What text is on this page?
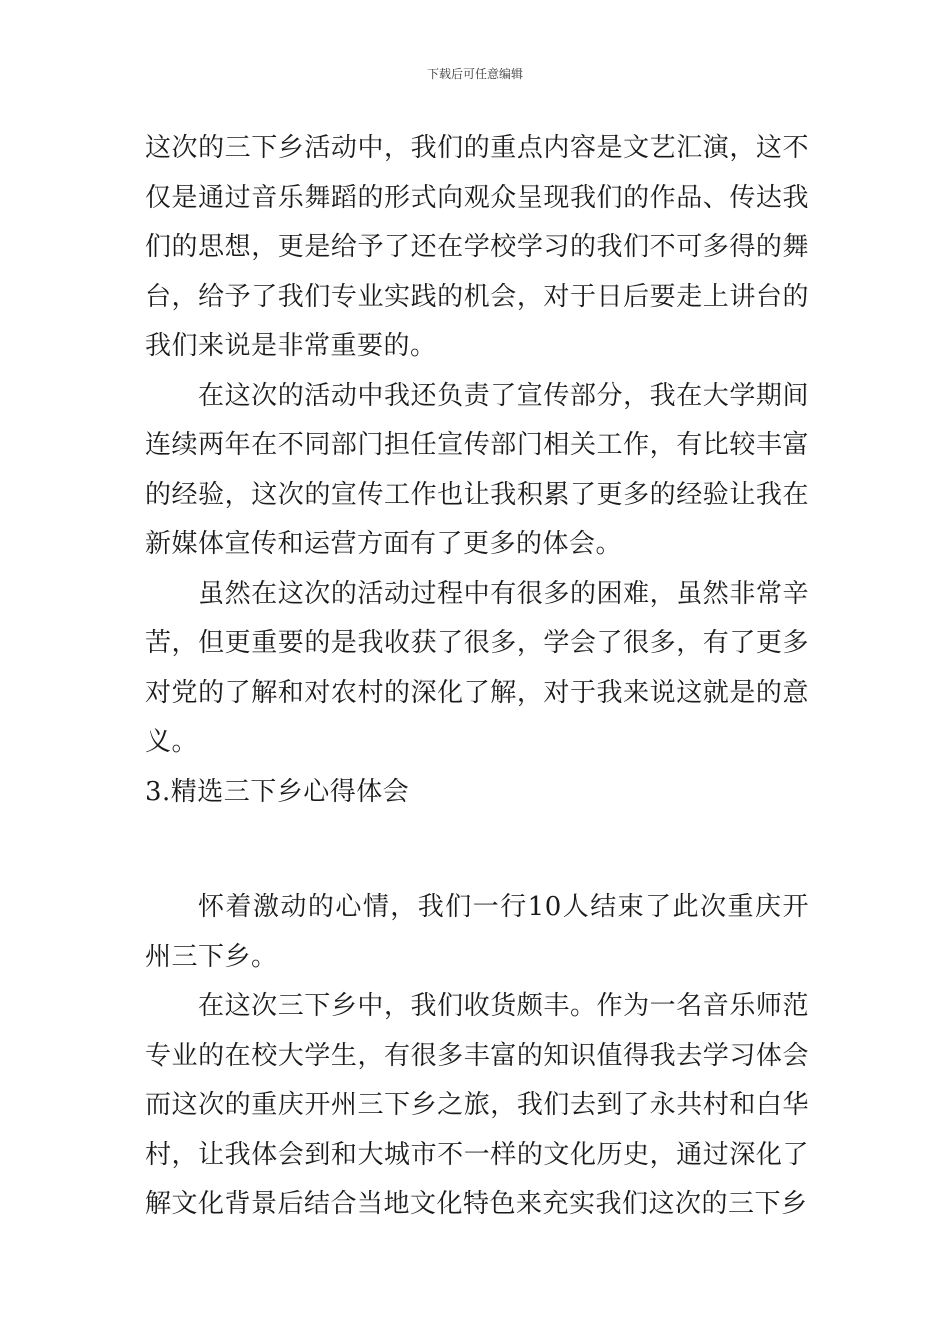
下载后可任意编辑

这次的三下乡活动中，我们的重点内容是文艺汇演，这不仅是通过音乐舞蹈的形式向观众呈现我们的作品、传达我们的思想，更是给予了还在学校学习的我们不可多得的舞台，给予了我们专业实践的机会，对于日后要走上讲台的我们来说是非常重要的。

在这次的活动中我还负责了宣传部分，我在大学期间连续两年在不同部门担任宣传部门相关工作，有比较丰富的经验，这次的宣传工作也让我积累了更多的经验让我在新媒体宣传和运营方面有了更多的体会。

虽然在这次的活动过程中有很多的困难，虽然非常辛苦，但更重要的是我收获了很多，学会了很多，有了更多对党的了解和对农村的深化了解，对于我来说这就是的意义。

3.精选三下乡心得体会

怀着激动的心情，我们一行10人结束了此次重庆开州三下乡。

在这次三下乡中，我们收货颇丰。作为一名音乐师范专业的在校大学生，有很多丰富的知识值得我去学习体会而这次的重庆开州三下乡之旅，我们去到了永共村和白华村，让我体会到和大城市不一样的文化历史，通过深化了解文化背景后结合当地文化特色来充实我们这次的三下乡
